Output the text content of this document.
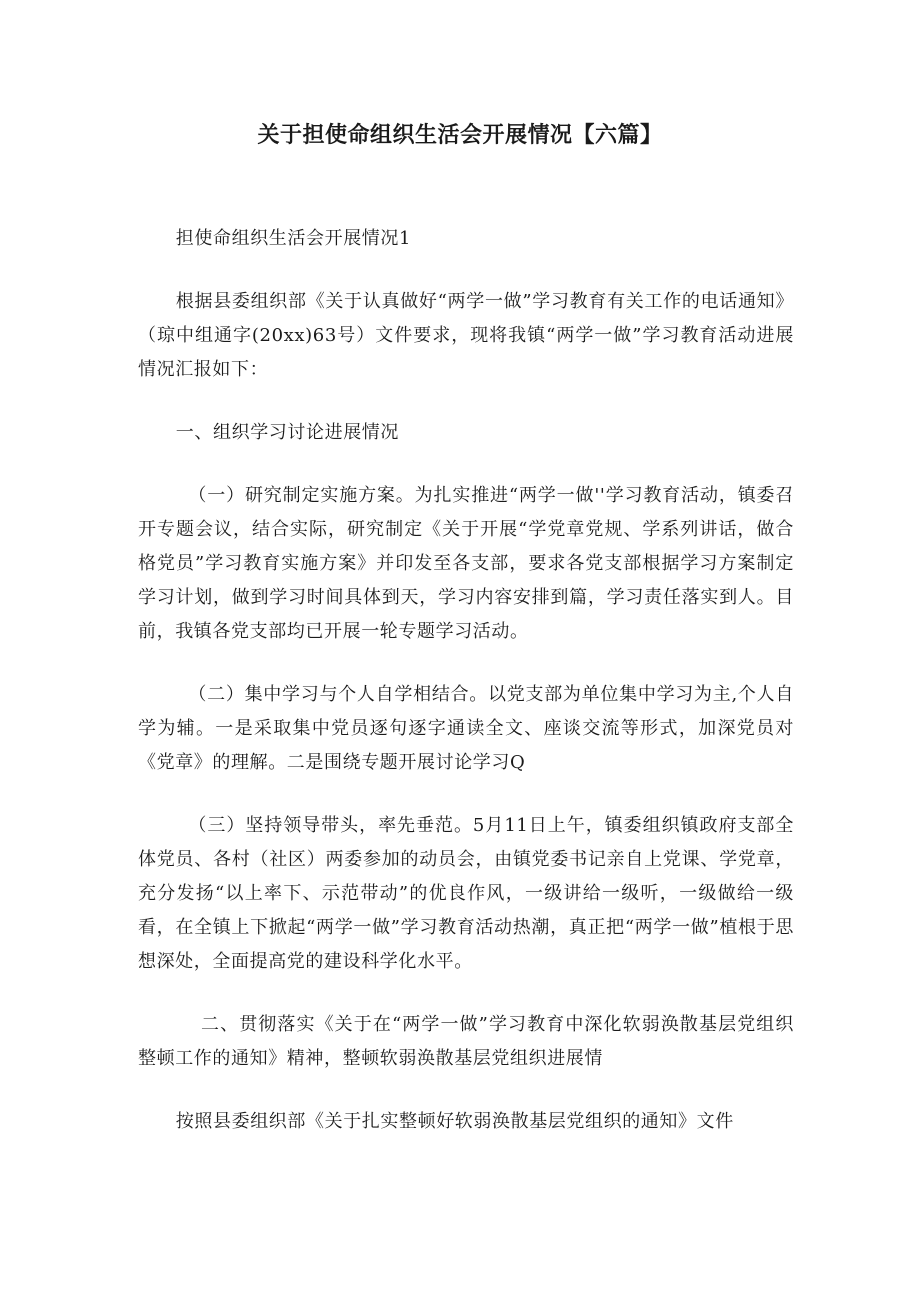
关于担使命组织生活会开展情况【六篇】

担使命组织生活会开展情况1

根据县委组织部《关于认真做好“两学一做”学习教育有关工作的电话通知》（琼中组通字(20xx)63号）文件要求，现将我镇“两学一做”学习教育活动进展情况汇报如下：

一、组织学习讨论进展情况

（一）研究制定实施方案。为扎实推进“两学一做''学习教育活动，镇委召开专题会议，结合实际，研究制定《关于开展“学党章党规、学系列讲话，做合格党员”学习教育实施方案》并印发至各支部，要求各党支部根据学习方案制定学习计划，做到学习时间具体到天，学习内容安排到篇，学习责任落实到人。目前，我镇各党支部均已开展一轮专题学习活动。

（二）集中学习与个人自学相结合。以党支部为单位集中学习为主,个人自学为辅。一是采取集中党员逐句逐字通读全文、座谈交流等形式，加深党员对《党章》的理解。二是围绕专题开展讨论学习Q

（三）坚持领导带头，率先垂范。5月11日上午，镇委组织镇政府支部全体党员、各村（社区）两委参加的动员会，由镇党委书记亲自上党课、学党章，充分发扬“以上率下、示范带动”的优良作风，一级讲给一级听，一级做给一级看，在全镇上下掀起“两学一做”学习教育活动热潮，真正把“两学一做”植根于思想深处，全面提高党的建设科学化水平。

二、贯彻落实《关于在“两学一做”学习教育中深化软弱涣散基层党组织整顿工作的通知》精神，整顿软弱涣散基层党组织进展情

按照县委组织部《关于扎实整顿好软弱涣散基层党组织的通知》文件
